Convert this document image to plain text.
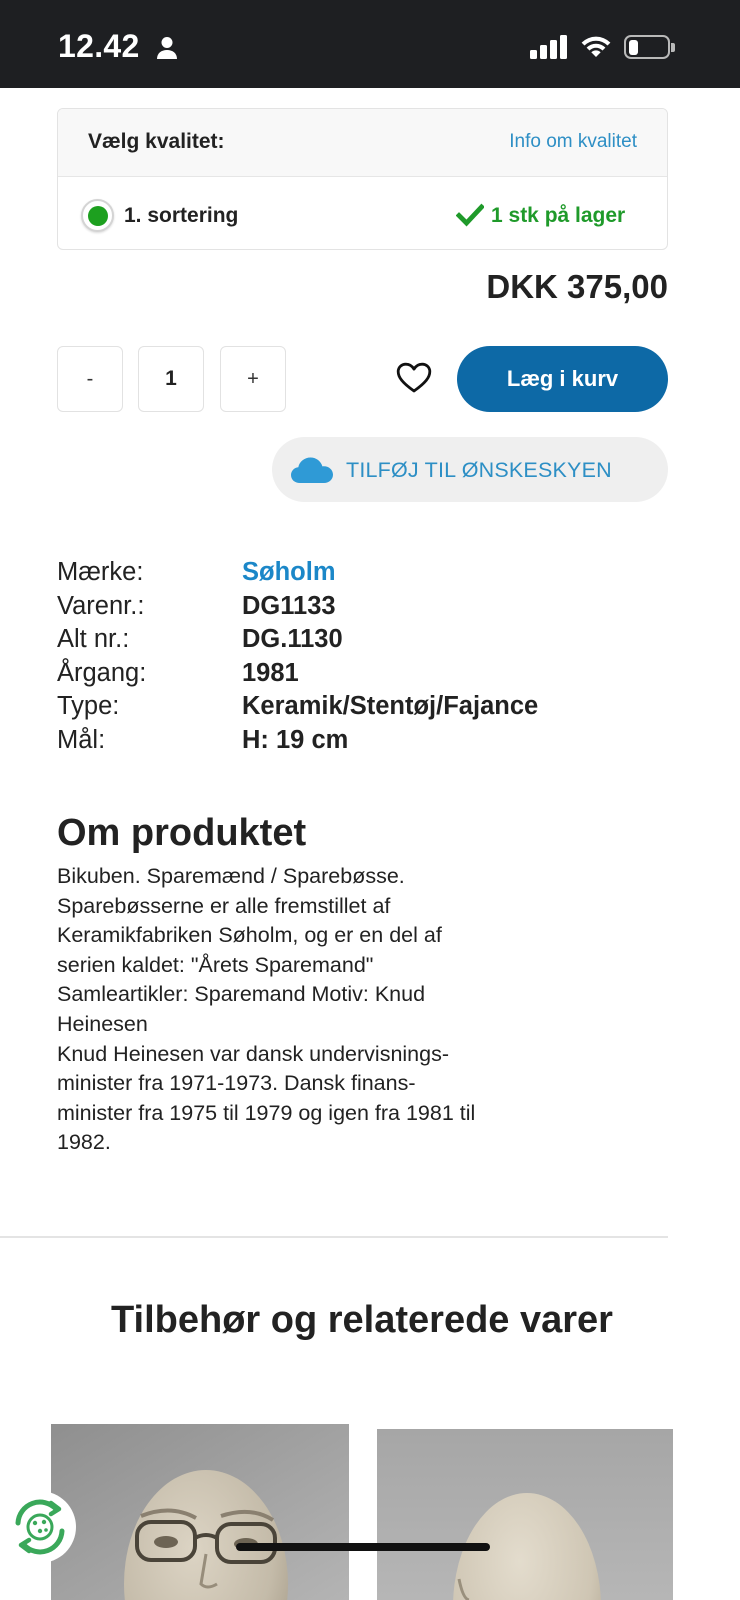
12.42
Vælg kvalitet:	Info om kvalitet
1. sortering	1 stk på lager
DKK 375,00
-
1	+	Læg i kurv
TILFØJ TIL ØNSKESKYEN
Mærke:	Søholm
Varenr.:	DG1133
Alt nr.:	DG.1130
Årgang:	1981
Type:	Keramik/Stentøj/Fajance
Mål:	H: 19 cm
Om produktet
Bikuben. Sparemænd / Sparebøsse.
Sparebøsserne er alle fremstillet af
Keramikfabriken Søholm, og er en del af
serien kaldet: "Årets Sparemand"
Samleartikler: Sparemand Motiv: Knud
Heinesen
Knud Heinesen var dansk undervisnings-
minister fra 1971-1973. Dansk finans-
minister fra 1975 til 1979 og igen fra 1981 til
1982.
Tilbehør og relaterede varer
